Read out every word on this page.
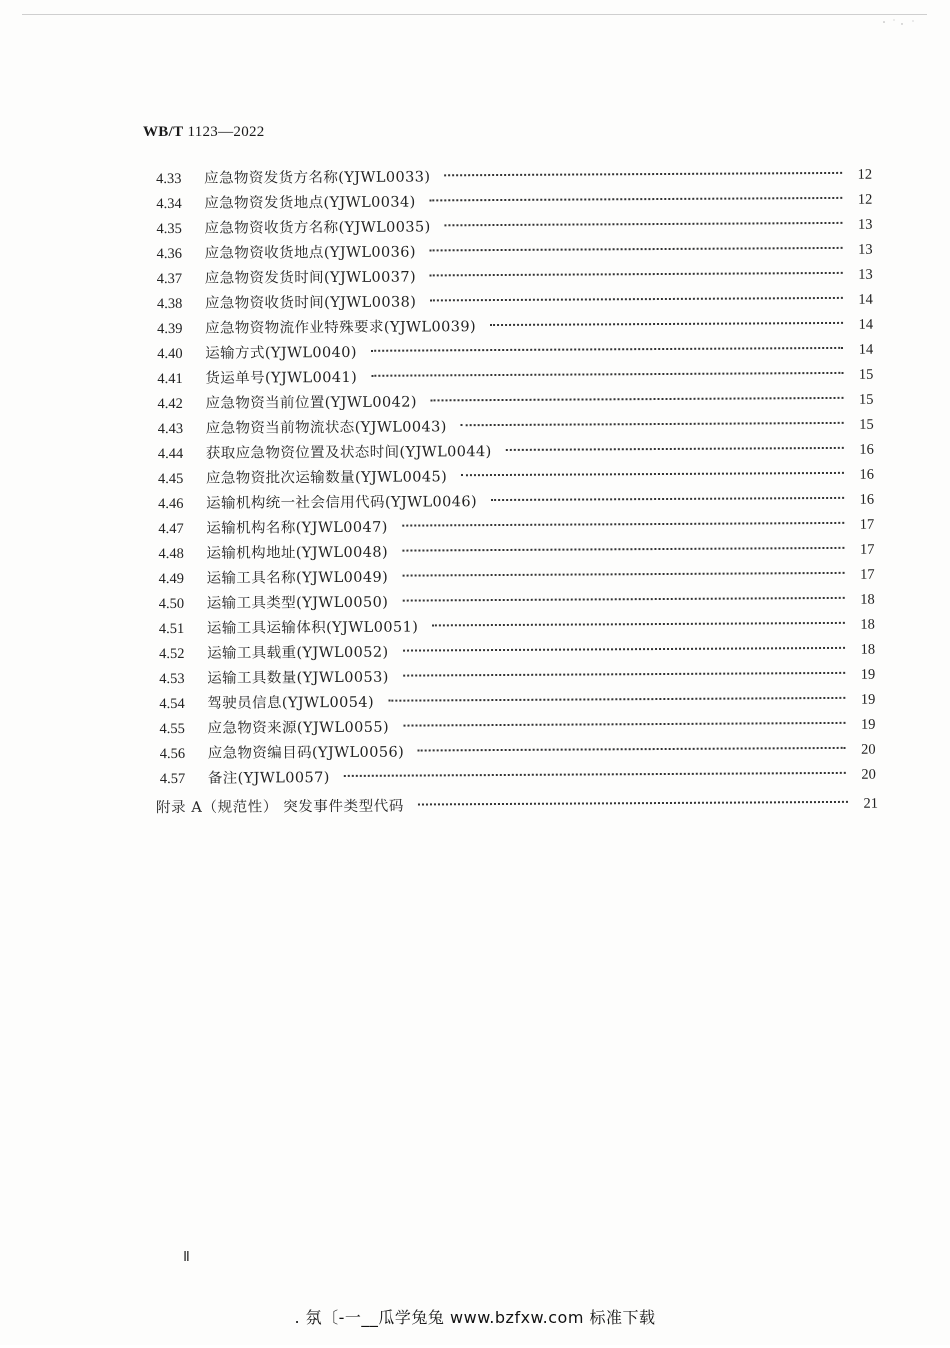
WB/T 1123—2022
4.33	应急物资发货方名称(YJWL0033)	12
4.34	应急物资发货地点(YJWL0034)	12
4.35	应急物资收货方名称(YJWL0035)	13
4.36	应急物资收货地点(YJWL0036)	13
4.37	应急物资发货时间(YJWL0037)	13
4.38	应急物资收货时间(YJWL0038)	14
4.39	应急物资物流作业特殊要求(YJWL0039)	14
4.40	运输方式(YJWL0040)	14
4.41	货运单号(YJWL0041)	15
4.42	应急物资当前位置(YJWL0042)	15
4.43	应急物资当前物流状态(YJWL0043)	15
4.44	获取应急物资位置及状态时间(YJWL0044)	16
4.45	应急物资批次运输数量(YJWL0045)	16
4.46	运输机构统一社会信用代码(YJWL0046)	16
4.47	运输机构名称(YJWL0047)	17
4.48	运输机构地址(YJWL0048)	17
4.49	运输工具名称(YJWL0049)	17
4.50	运输工具类型(YJWL0050)	18
4.51	运输工具运输体积(YJWL0051)	18
4.52	运输工具载重(YJWL0052)	18
4.53	运输工具数量(YJWL0053)	19
4.54	驾驶员信息(YJWL0054)	19
4.55	应急物资来源(YJWL0055)	19
4.56	应急物资编目码(YJWL0056)	20
4.57	备注(YJWL0057)	20
附录 A（规范性） 突发事件类型代码	21
Ⅱ
. 氛〔-一__瓜学兔兔 www.bzfxw.com 标准下载
